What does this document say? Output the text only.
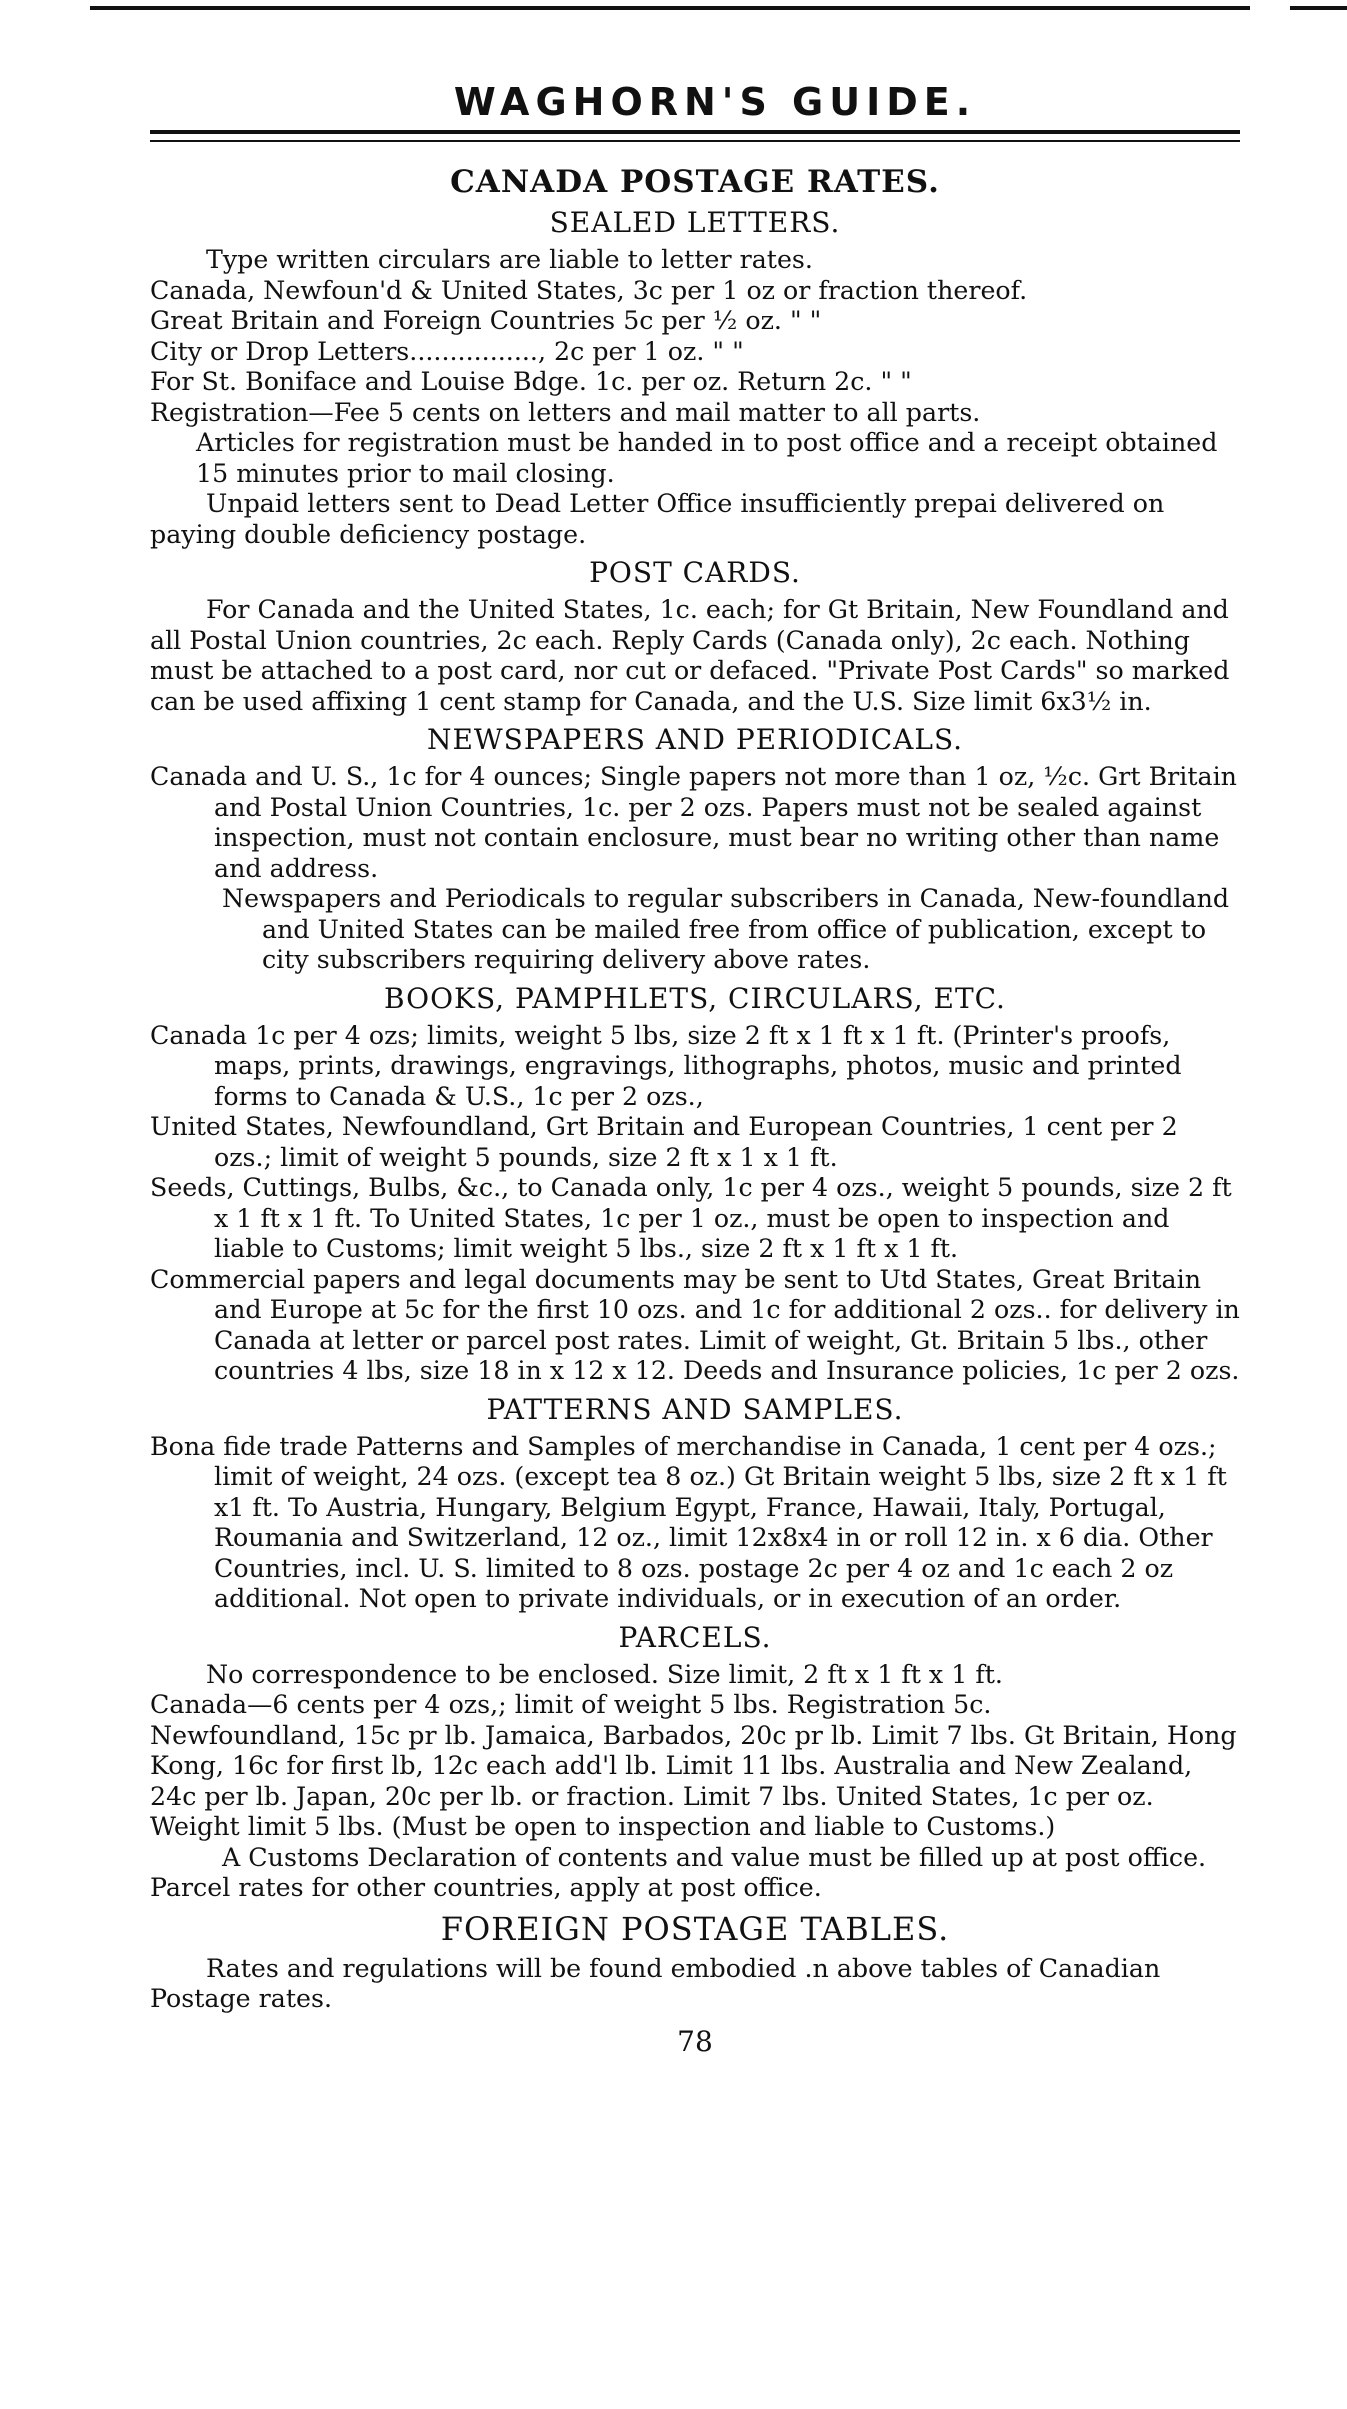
WAGHORN'S GUIDE.
CANADA POSTAGE RATES.
SEALED LETTERS.

Type written circulars are liable to letter rates.

Canada, Newfoun'd & United States, 3c per 1 oz or fraction thereof.

Great Britain and Foreign Countries 5c per ½ oz. " "

City or Drop Letters................, 2c per 1 oz. " "

For St. Boniface and Louise Bdge. 1c. per oz. Return 2c. " "

Registration—Fee 5 cents on letters and mail matter to all parts.

Articles for registration must be handed in to post office and a receipt obtained 15 minutes prior to mail closing.

Unpaid letters sent to Dead Letter Office insufficiently prepai delivered on paying double deficiency postage.

POST CARDS.

For Canada and the United States, 1c. each; for Gt Britain, New Foundland and all Postal Union countries, 2c each. Reply Cards (Canada only), 2c each. Nothing must be attached to a post card, nor cut or defaced. "Private Post Cards" so marked can be used affixing 1 cent stamp for Canada, and the U.S. Size limit 6x3½ in.

NEWSPAPERS AND PERIODICALS.

Canada and U. S., 1c for 4 ounces; Single papers not more than 1 oz, ½c. Grt Britain and Postal Union Countries, 1c. per 2 ozs. Papers must not be sealed against inspection, must not contain enclosure, must bear no writing other than name and address.

Newspapers and Periodicals to regular subscribers in Canada, New-foundland and United States can be mailed free from office of publication, except to city subscribers requiring delivery above rates.

BOOKS, PAMPHLETS, CIRCULARS, ETC.

Canada 1c per 4 ozs; limits, weight 5 lbs, size 2 ft x 1 ft x 1 ft. (Printer's proofs, maps, prints, drawings, engravings, lithographs, photos, music and printed forms to Canada & U.S., 1c per 2 ozs.,

United States, Newfoundland, Grt Britain and European Countries, 1 cent per 2 ozs.; limit of weight 5 pounds, size 2 ft x 1 x 1 ft.

Seeds, Cuttings, Bulbs, &c., to Canada only, 1c per 4 ozs., weight 5 pounds, size 2 ft x 1 ft x 1 ft. To United States, 1c per 1 oz., must be open to inspection and liable to Customs; limit weight 5 lbs., size 2 ft x 1 ft x 1 ft.

Commercial papers and legal documents may be sent to Utd States, Great Britain and Europe at 5c for the first 10 ozs. and 1c for additional 2 ozs.. for delivery in Canada at letter or parcel post rates. Limit of weight, Gt. Britain 5 lbs., other countries 4 lbs, size 18 in x 12 x 12. Deeds and Insurance policies, 1c per 2 ozs.

PATTERNS AND SAMPLES.

Bona fide trade Patterns and Samples of merchandise in Canada, 1 cent per 4 ozs.; limit of weight, 24 ozs. (except tea 8 oz.) Gt Britain weight 5 lbs, size 2 ft x 1 ft x1 ft. To Austria, Hungary, Belgium Egypt, France, Hawaii, Italy, Portugal, Roumania and Switzerland, 12 oz., limit 12x8x4 in or roll 12 in. x 6 dia. Other Countries, incl. U. S. limited to 8 ozs. postage 2c per 4 oz and 1c each 2 oz additional. Not open to private individuals, or in execution of an order.

PARCELS.

No correspondence to be enclosed. Size limit, 2 ft x 1 ft x 1 ft.

Canada—6 cents per 4 ozs,; limit of weight 5 lbs. Registration 5c.

Newfoundland, 15c pr lb. Jamaica, Barbados, 20c pr lb. Limit 7 lbs. Gt Britain, Hong Kong, 16c for first lb, 12c each add'l lb. Limit 11 lbs. Australia and New Zealand, 24c per lb. Japan, 20c per lb. or fraction. Limit 7 lbs. United States, 1c per oz. Weight limit 5 lbs. (Must be open to inspection and liable to Customs.)

A Customs Declaration of contents and value must be filled up at post office.

Parcel rates for other countries, apply at post office.

FOREIGN POSTAGE TABLES.

Rates and regulations will be found embodied .n above tables of Canadian Postage rates.

78
